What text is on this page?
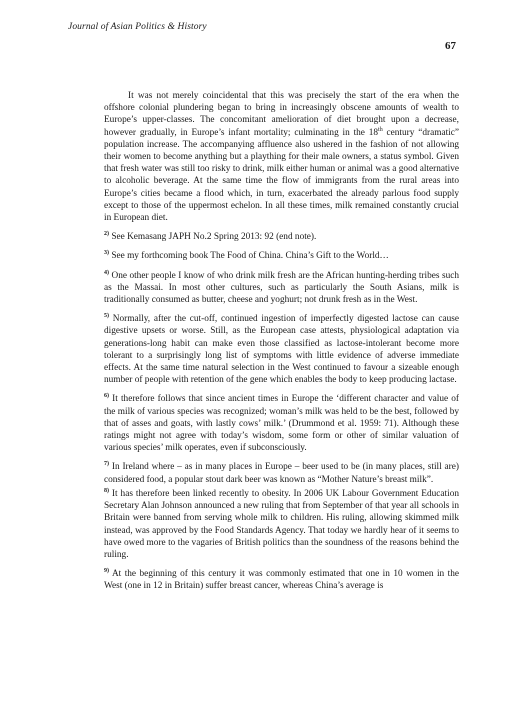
Journal of Asian Politics & History
67

It was not merely coincidental that this was precisely the start of the era when the offshore colonial plundering began to bring in increasingly obscene amounts of wealth to Europe’s upper-classes. The concomitant amelioration of diet brought upon a decrease, however gradually, in Europe’s infant mortality; culminating in the 18th century “dramatic” population increase. The accompanying affluence also ushered in the fashion of not allowing their women to become anything but a plaything for their male owners, a status symbol. Given that fresh water was still too risky to drink, milk either human or animal was a good alternative to alcoholic beverage. At the same time the flow of immigrants from the rural areas into Europe’s cities became a flood which, in turn, exacerbated the already parlous food supply except to those of the uppermost echelon. In all these times, milk remained constantly crucial in European diet.

$^{2)}$ See Kemasang JAPH No.2 Spring 2013: 92 (end note).

$^{3)}$ See my forthcoming book The Food of China. China’s Gift to the World…

$^{4)}$ One other people I know of who drink milk fresh are the African hunting-herding tribes such as the Massai. In most other cultures, such as particularly the South Asians, milk is traditionally consumed as butter, cheese and yoghurt; not drunk fresh as in the West.

$^{5)}$ Normally, after the cut-off, continued ingestion of imperfectly digested lactose can cause digestive upsets or worse. Still, as the European case attests, physiological adaptation via generations-long habit can make even those classified as lactose-intolerant become more tolerant to a surprisingly long list of symptoms with little evidence of adverse immediate effects. At the same time natural selection in the West continued to favour a sizeable enough number of people with retention of the gene which enables the body to keep producing lactase.

$^{6)}$ It therefore follows that since ancient times in Europe the ‘different character and value of the milk of various species was recognized; woman’s milk was held to be the best, followed by that of asses and goats, with lastly cows’ milk.’ (Drummond et al. 1959: 71). Although these ratings might not agree with today’s wisdom, some form or other of similar valuation of various species’ milk operates, even if subconsciously.

$^{7)}$ In Ireland where – as in many places in Europe – beer used to be (in many places, still are) considered food, a popular stout dark beer was known as “Mother Nature’s breast milk”.

$^{8)}$ It has therefore been linked recently to obesity. In 2006 UK Labour Government Education Secretary Alan Johnson announced a new ruling that from September of that year all schools in Britain were banned from serving whole milk to children. His ruling, allowing skimmed milk instead, was approved by the Food Standards Agency. That today we hardly hear of it seems to have owed more to the vagaries of British politics than the soundness of the reasons behind the ruling.

$^{9)}$ At the beginning of this century it was commonly estimated that one in 10 women in the West (one in 12 in Britain) suffer breast cancer, whereas China’s average is
